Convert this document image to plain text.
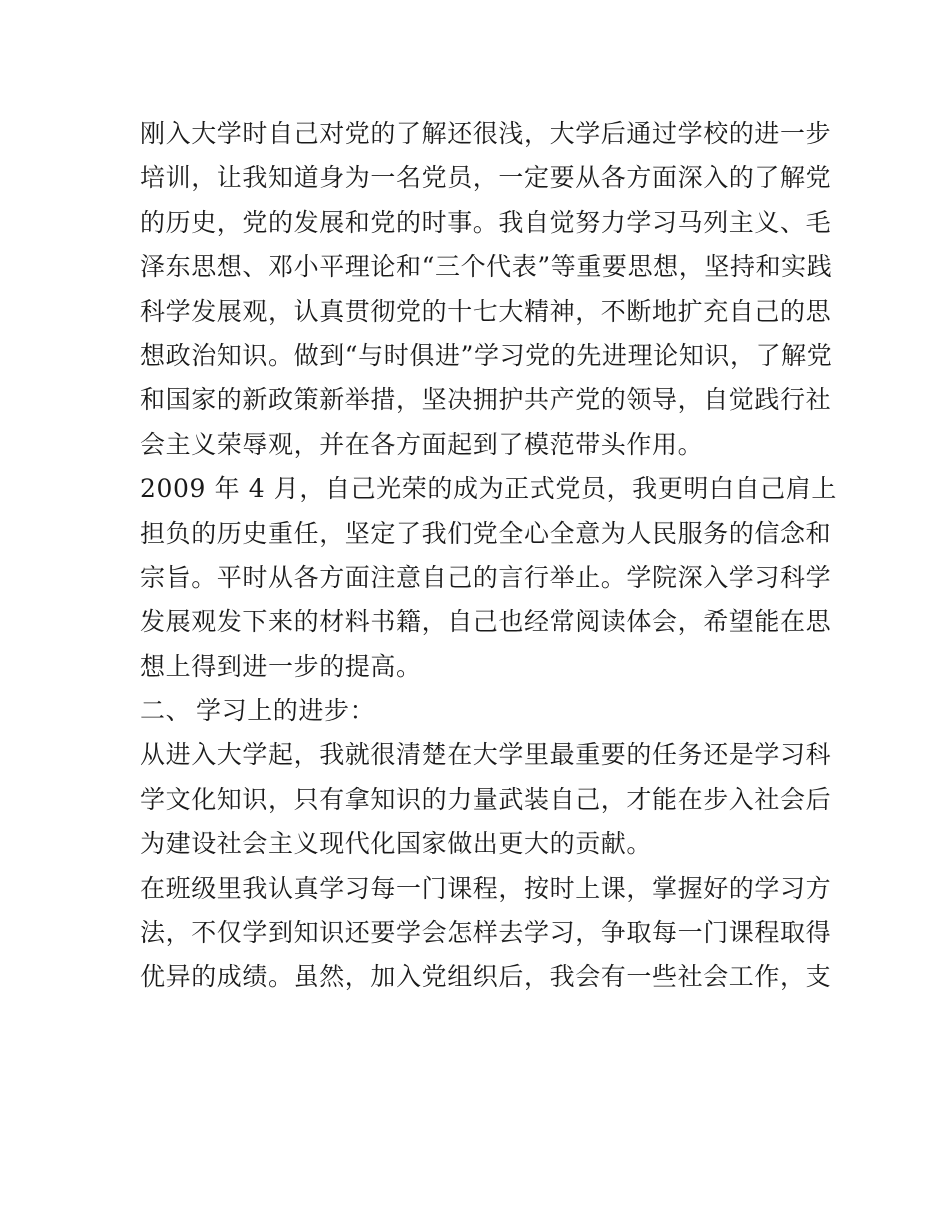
刚入大学时自己对党的了解还很浅，大学后通过学校的进一步
培训，让我知道身为一名党员，一定要从各方面深入的了解党
的历史，党的发展和党的时事。我自觉努力学习马列主义、毛
泽东思想、邓小平理论和“三个代表”等重要思想，坚持和实践
科学发展观，认真贯彻党的十七大精神，不断地扩充自己的思
想政治知识。做到“与时俱进”学习党的先进理论知识，了解党
和国家的新政策新举措，坚决拥护共产党的领导，自觉践行社
会主义荣辱观，并在各方面起到了模范带头作用。

2009 年 4 月，自己光荣的成为正式党员，我更明白自己肩上
担负的历史重任，坚定了我们党全心全意为人民服务的信念和
宗旨。平时从各方面注意自己的言行举止。学院深入学习科学
发展观发下来的材料书籍，自己也经常阅读体会，希望能在思
想上得到进一步的提高。

二、 学习上的进步：

从进入大学起，我就很清楚在大学里最重要的任务还是学习科
学文化知识，只有拿知识的力量武装自己，才能在步入社会后
为建设社会主义现代化国家做出更大的贡献。

在班级里我认真学习每一门课程，按时上课，掌握好的学习方
法，不仅学到知识还要学会怎样去学习，争取每一门课程取得
优异的成绩。虽然，加入党组织后，我会有一些社会工作，支
